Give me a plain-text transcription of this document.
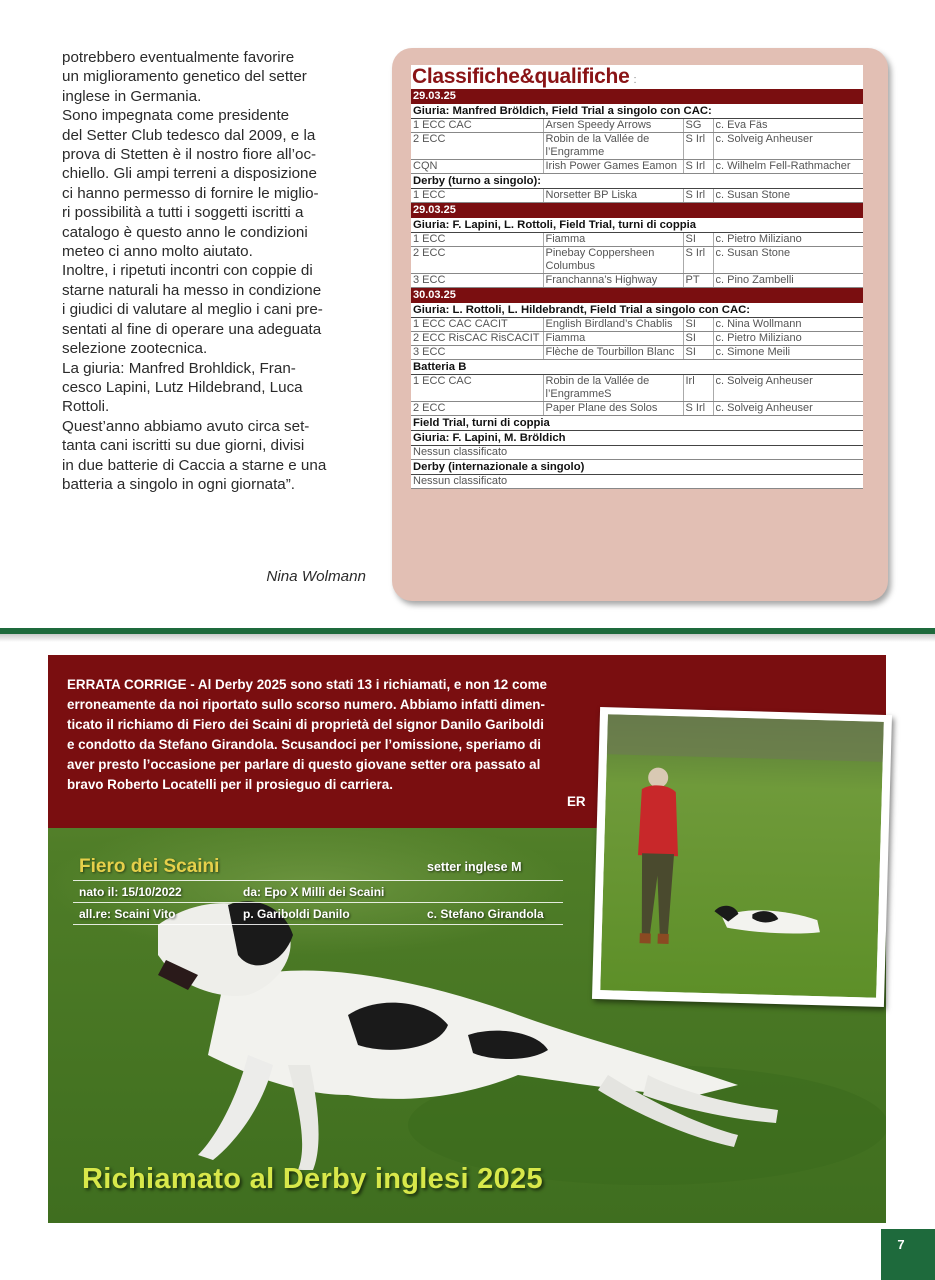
potrebbero eventualmente favorire

un miglioramento genetico del setter

inglese in Germania.

Sono impegnata come presidente

del Setter Club tedesco dal 2009, e la

prova di Stetten è il nostro fiore all’oc-

chiello. Gli ampi terreni a disposizione

ci hanno permesso di fornire le miglio-

ri possibilità a tutti i soggetti iscritti a

catalogo è questo anno le condizioni

meteo ci anno molto aiutato.

Inoltre, i ripetuti incontri con coppie di

starne naturali ha messo in condizione

i giudici di valutare al meglio i cani pre-

sentati al fine di operare una adeguata

selezione zootecnica.

La giuria: Manfred Brohldick, Fran-

cesco Lapini, Lutz Hildebrand, Luca

Rottoli.

Quest’anno abbiamo avuto circa set-

tanta cani iscritti su due giorni, divisi

in due batterie di Caccia a starne e una

batteria a singolo in ogni giornata”.

Nina Wolmann
Classifiche&qualifiche :
29.03.25			
Giuria: Manfred Bröldich, Field Trial a singolo con CAC:			
1 ECC CAC	Arsen Speedy Arrows	SG	c. Eva Fäs
2 ECC	Robin de la Vallée de l’Engramme	S Irl	c. Solveig Anheuser
CQN	Irish Power Games Eamon	S Irl	c. Wilhelm Fell-Rathmacher
Derby (turno a singolo):			
1 ECC	Norsetter BP Liska	S Irl	c. Susan Stone
29.03.25			
Giuria: F. Lapini, L. Rottoli, Field Trial, turni di coppia			
1 ECC	Fiamma	SI	c. Pietro Miliziano
2 ECC	Pinebay Coppersheen Columbus	S Irl	c. Susan Stone
3 ECC	Franchanna’s Highway	PT	c. Pino Zambelli
30.03.25			
Giuria: L. Rottoli, L. Hildebrandt, Field Trial a singolo con CAC:			
1 ECC CAC CACIT	English Birdland’s Chablis	SI	c. Nina Wollmann
2 ECC RisCAC RisCACIT	Fiamma	SI	c. Pietro Miliziano
3 ECC	Flèche de Tourbillon Blanc	SI	c. Simone Meili
Batteria B			
1 ECC CAC	Robin de la Vallée de l’EngrammeS	Irl	c. Solveig Anheuser
2 ECC	Paper Plane des Solos	S Irl	c. Solveig Anheuser
Field Trial, turni di coppia			
Giuria: F. Lapini, M. Bröldich			
Nessun classificato			
Derby (internazionale a singolo)			
Nessun classificato			
ERRATA CORRIGE - Al Derby 2025 sono stati 13 i richiamati, e non 12 come
erroneamente da noi riportato sullo scorso numero. Abbiamo infatti dimen-
ticato il richiamo di Fiero dei Scaini di proprietà del signor Danilo Gariboldi
e condotto da Stefano Girandola. Scusandoci per l’omissione, speriamo di
aver presto l’occasione per parlare di questo giovane setter ora passato al
bravo Roberto Locatelli per il prosieguo di carriera.
ER
Fiero dei Scaini	setter inglese M
nato il: 15/10/2022	da: Epo X Milli dei Scaini
all.re: Scaini Vito	p. Gariboldi Danilo	c. Stefano Girandola
Richiamato al Derby inglesi 2025
7
